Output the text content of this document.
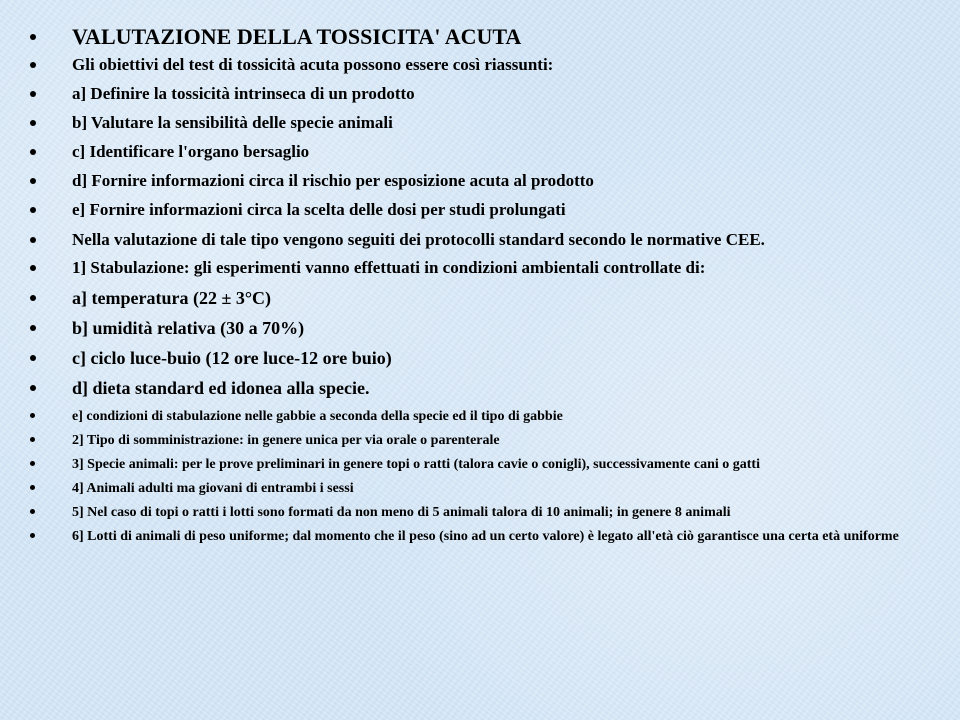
VALUTAZIONE DELLA TOSSICITA' ACUTA
Gli obiettivi del test di tossicità acuta possono essere così riassunti:
a] Definire la tossicità intrinseca di un prodotto
b] Valutare la sensibilità delle specie animali
c] Identificare l'organo bersaglio
d] Fornire informazioni circa il rischio per esposizione acuta al prodotto
e] Fornire informazioni circa la scelta delle dosi per studi prolungati
Nella valutazione di tale tipo vengono seguiti dei protocolli standard secondo le normative CEE.
1] Stabulazione: gli esperimenti vanno effettuati in condizioni ambientali controllate di:
a] temperatura (22 ± 3°C)
b] umidità relativa (30 a 70%)
c] ciclo luce-buio (12 ore luce-12 ore buio)
d] dieta standard ed idonea alla specie.
e] condizioni di stabulazione nelle gabbie a seconda della specie ed il tipo di gabbie
2] Tipo di somministrazione: in genere unica per via orale o parenterale
3] Specie animali: per le prove preliminari in genere topi o ratti (talora cavie o conigli), successivamente cani o gatti
4] Animali adulti ma giovani di entrambi i sessi
5] Nel caso di topi o ratti i lotti sono formati da non meno di 5 animali talora di 10 animali; in genere 8 animali
6] Lotti di animali di peso uniforme; dal momento che il peso (sino ad un certo valore) è legato all'età ciò garantisce una certa età uniforme
